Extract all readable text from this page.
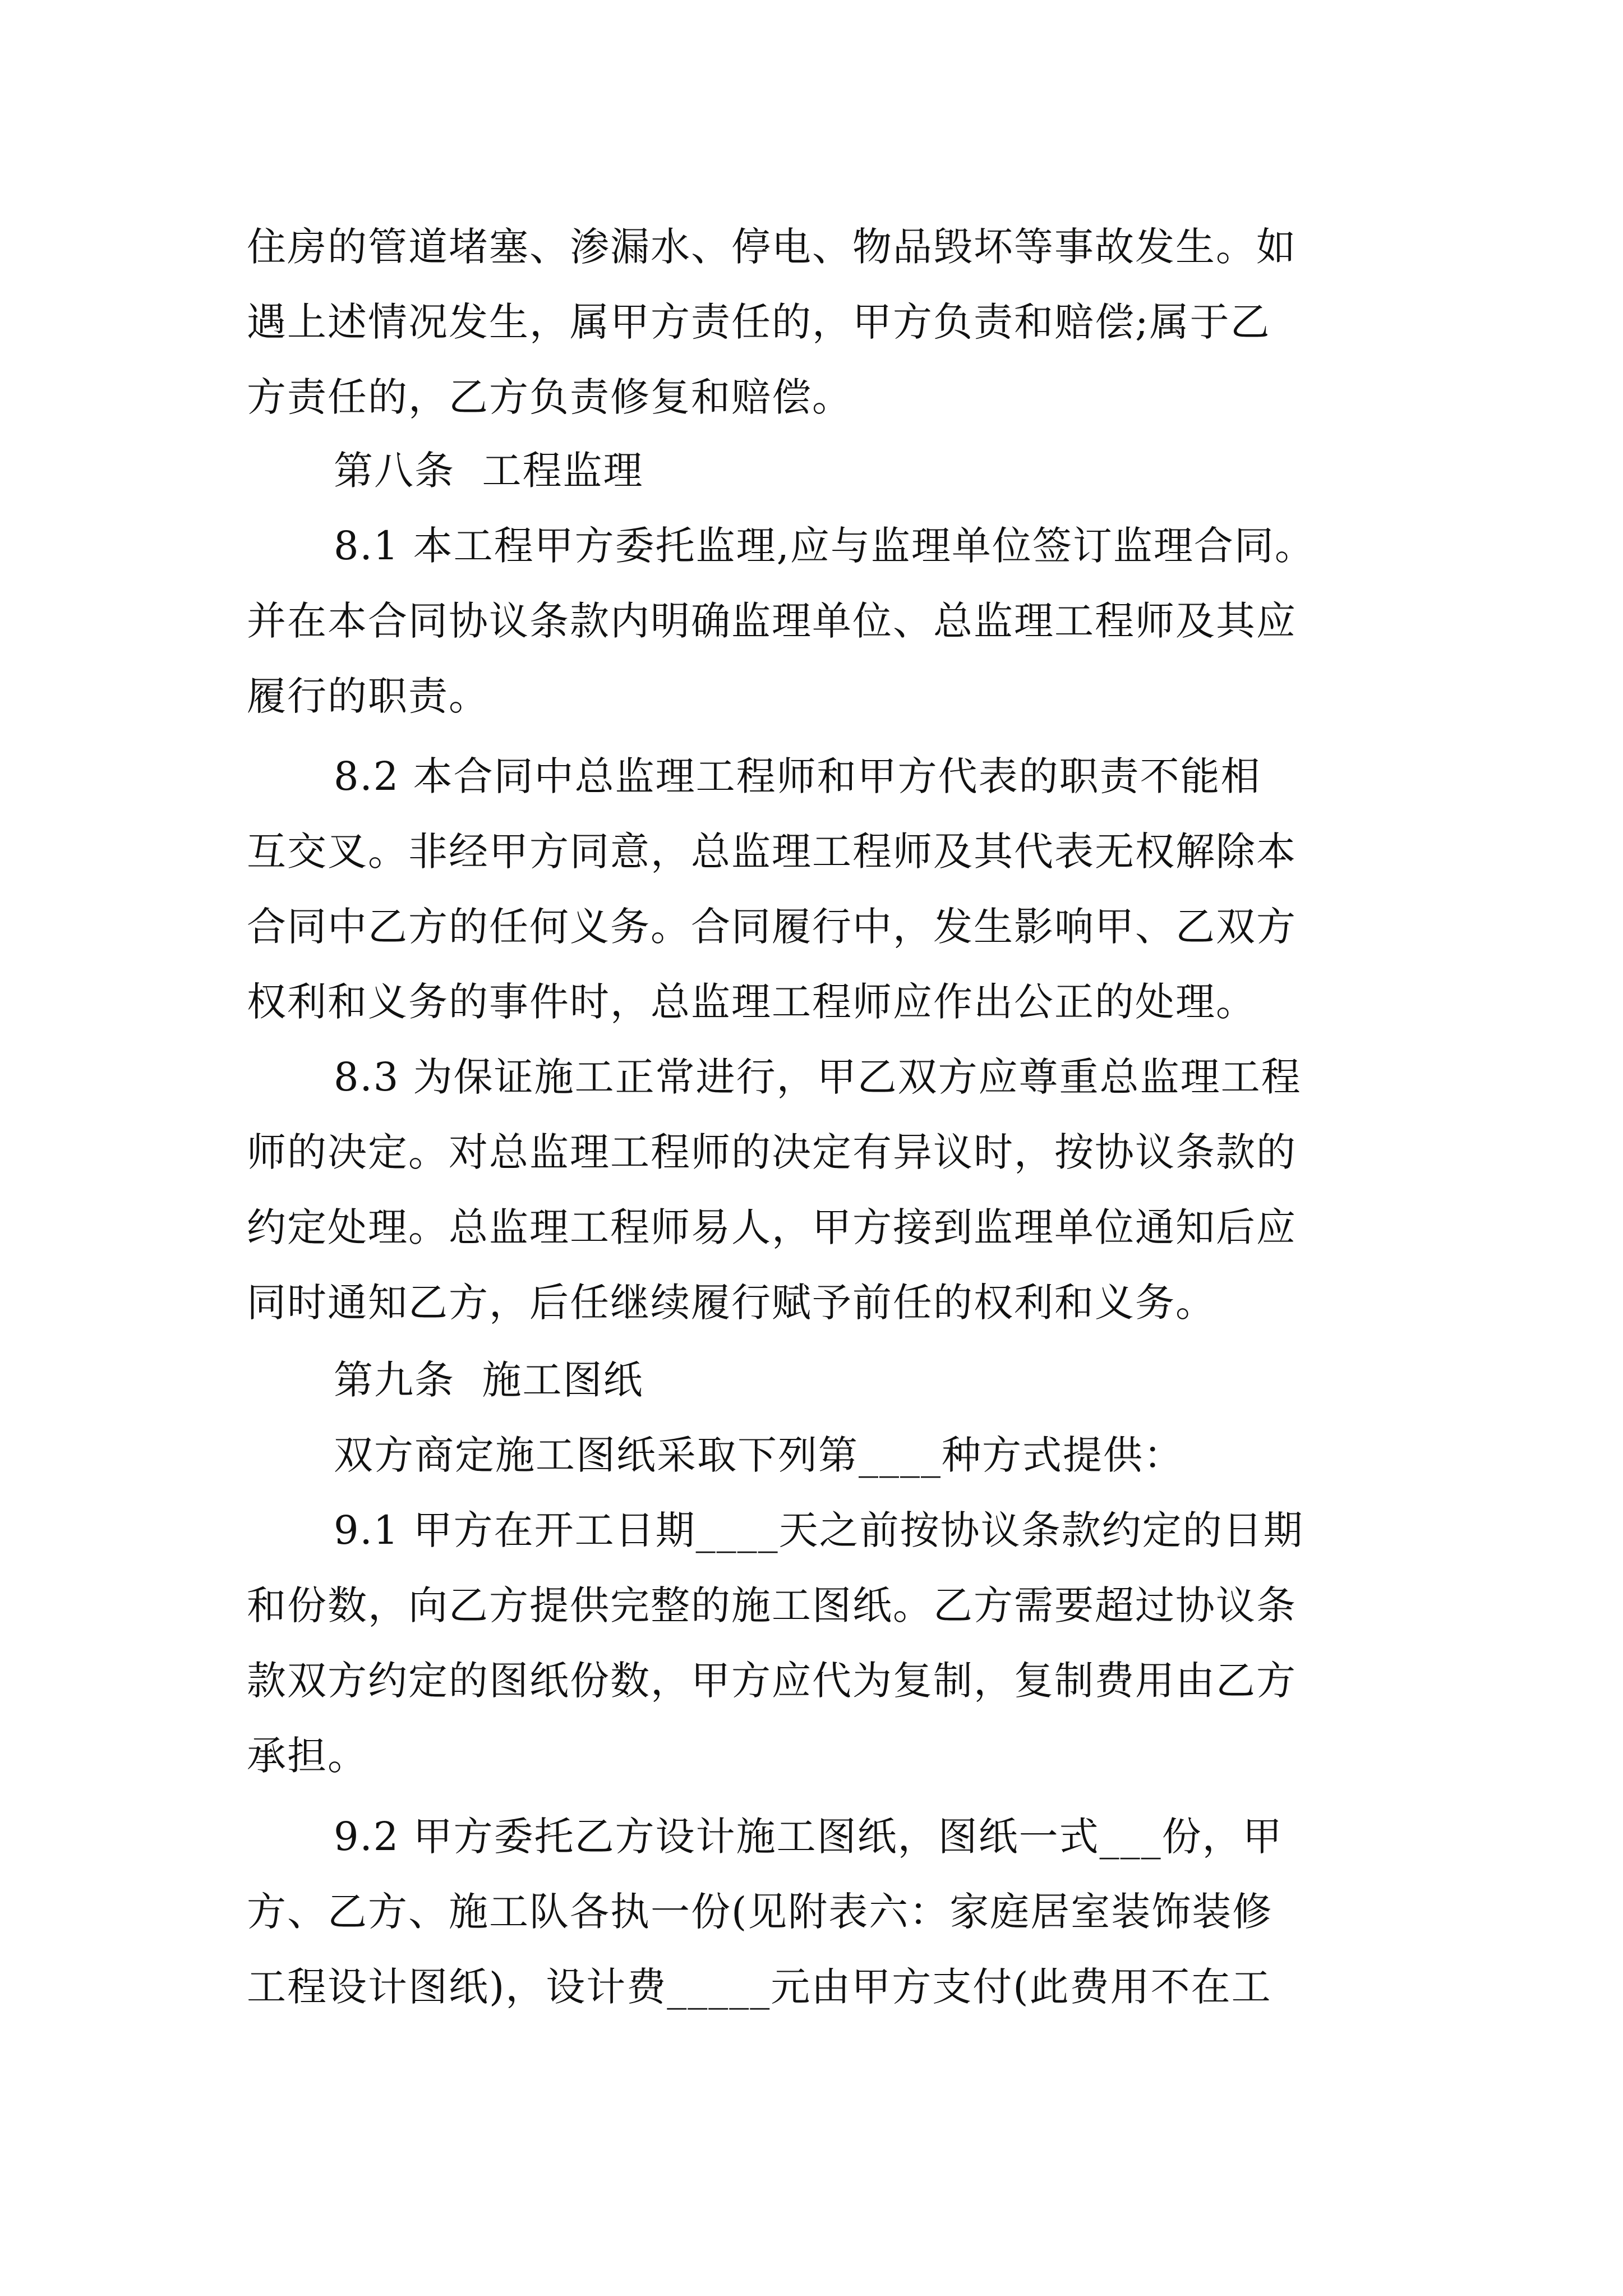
住房的管道堵塞、渗漏水、停电、物品毁坏等事故发生。如
遇上述情况发生，属甲方责任的，甲方负责和赔偿;属于乙
方责任的，乙方负责修复和赔偿。
第八条  工程监理
8.1 本工程甲方委托监理,应与监理单位签订监理合同。
并在本合同协议条款内明确监理单位、总监理工程师及其应
履行的职责。
8.2 本合同中总监理工程师和甲方代表的职责不能相
互交叉。非经甲方同意，总监理工程师及其代表无权解除本
合同中乙方的任何义务。合同履行中，发生影响甲、乙双方
权利和义务的事件时，总监理工程师应作出公正的处理。
8.3 为保证施工正常进行，甲乙双方应尊重总监理工程
师的决定。对总监理工程师的决定有异议时，按协议条款的
约定处理。总监理工程师易人，甲方接到监理单位通知后应
同时通知乙方，后任继续履行赋予前任的权利和义务。
第九条  施工图纸
双方商定施工图纸采取下列第____种方式提供：
9.1 甲方在开工日期____天之前按协议条款约定的日期
和份数，向乙方提供完整的施工图纸。乙方需要超过协议条
款双方约定的图纸份数，甲方应代为复制，复制费用由乙方
承担。
9.2 甲方委托乙方设计施工图纸，图纸一式___份，甲
方、乙方、施工队各执一份(见附表六：家庭居室装饰装修
工程设计图纸)，设计费_____元由甲方支付(此费用不在工
